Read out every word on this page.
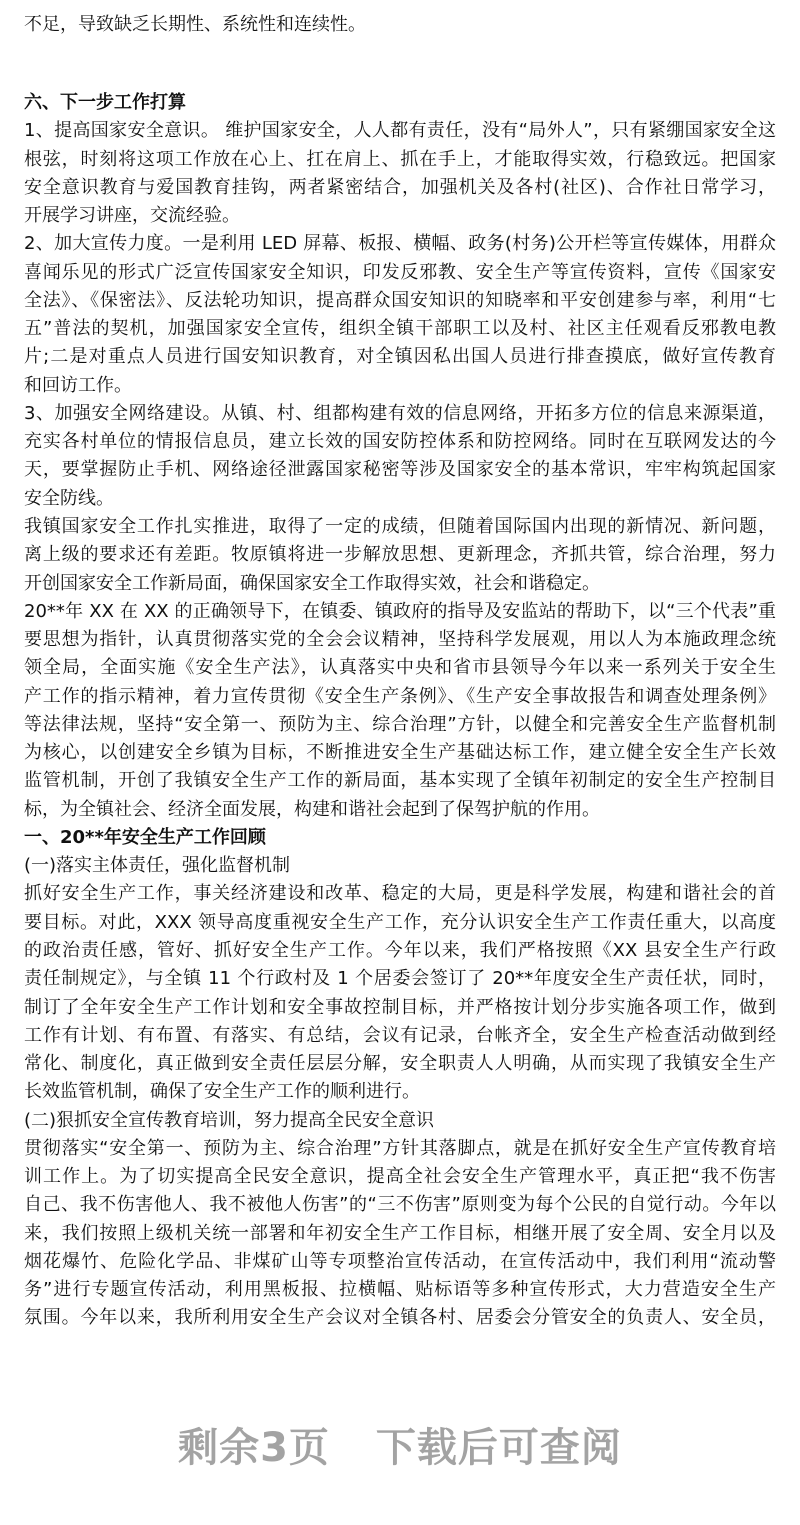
不足，导致缺乏长期性、系统性和连续性。
六、下一步工作打算
1、提高国家安全意识。 维护国家安全，人人都有责任，没有“局外人”，只有紧绷国家安全这
根弦，时刻将这项工作放在心上、扛在肩上、抓在手上，才能取得实效，行稳致远。把国家
安全意识教育与爱国教育挂钩，两者紧密结合，加强机关及各村(社区)、合作社日常学习，
开展学习讲座，交流经验。
2、加大宣传力度。一是利用 LED 屏幕、板报、横幅、政务(村务)公开栏等宣传媒体，用群众
喜闻乐见的形式广泛宣传国家安全知识，印发反邪教、安全生产等宣传资料，宣传《国家安
全法》、《保密法》、反法轮功知识，提高群众国安知识的知晓率和平安创建参与率，利用“七
五”普法的契机，加强国家安全宣传，组织全镇干部职工以及村、社区主任观看反邪教电教
片;二是对重点人员进行国安知识教育，对全镇因私出国人员进行排查摸底，做好宣传教育
和回访工作。
3、加强安全网络建设。从镇、村、组都构建有效的信息网络，开拓多方位的信息来源渠道，
充实各村单位的情报信息员，建立长效的国安防控体系和防控网络。同时在互联网发达的今
天，要掌握防止手机、网络途径泄露国家秘密等涉及国家安全的基本常识，牢牢构筑起国家
安全防线。
我镇国家安全工作扎实推进，取得了一定的成绩，但随着国际国内出现的新情况、新问题，
离上级的要求还有差距。牧原镇将进一步解放思想、更新理念，齐抓共管，综合治理，努力
开创国家安全工作新局面，确保国家安全工作取得实效，社会和谐稳定。
20**年 XX 在 XX 的正确领导下，在镇委、镇政府的指导及安监站的帮助下，以“三个代表”重
要思想为指针，认真贯彻落实党的全会会议精神，坚持科学发展观，用以人为本施政理念统
领全局，全面实施《安全生产法》，认真落实中央和省市县领导今年以来一系列关于安全生
产工作的指示精神，着力宣传贯彻《安全生产条例》、《生产安全事故报告和调查处理条例》
等法律法规，坚持“安全第一、预防为主、综合治理”方针，以健全和完善安全生产监督机制
为核心，以创建安全乡镇为目标，不断推进安全生产基础达标工作，建立健全安全生产长效
监管机制，开创了我镇安全生产工作的新局面，基本实现了全镇年初制定的安全生产控制目
标，为全镇社会、经济全面发展，构建和谐社会起到了保驾护航的作用。
一、20**年安全生产工作回顾
(一)落实主体责任，强化监督机制
抓好安全生产工作，事关经济建设和改革、稳定的大局，更是科学发展，构建和谐社会的首
要目标。对此，XXX 领导高度重视安全生产工作，充分认识安全生产工作责任重大，以高度
的政治责任感，管好、抓好安全生产工作。今年以来，我们严格按照《XX 县安全生产行政
责任制规定》，与全镇 11 个行政村及 1 个居委会签订了 20**年度安全生产责任状，同时，
制订了全年安全生产工作计划和安全事故控制目标，并严格按计划分步实施各项工作，做到
工作有计划、有布置、有落实、有总结，会议有记录，台帐齐全，安全生产检查活动做到经
常化、制度化，真正做到安全责任层层分解，安全职责人人明确，从而实现了我镇安全生产
长效监管机制，确保了安全生产工作的顺利进行。
(二)狠抓安全宣传教育培训，努力提高全民安全意识
贯彻落实“安全第一、预防为主、综合治理”方针其落脚点，就是在抓好安全生产宣传教育培
训工作上。为了切实提高全民安全意识，提高全社会安全生产管理水平，真正把“我不伤害
自己、我不伤害他人、我不被他人伤害”的“三不伤害”原则变为每个公民的自觉行动。今年以
来，我们按照上级机关统一部署和年初安全生产工作目标，相继开展了安全周、安全月以及
烟花爆竹、危险化学品、非煤矿山等专项整治宣传活动，在宣传活动中，我们利用“流动警
务”进行专题宣传活动，利用黑板报、拉横幅、贴标语等多种宣传形式，大力营造安全生产
氛围。今年以来，我所利用安全生产会议对全镇各村、居委会分管安全的负责人、安全员，
剩余3页 下载后可查阅
